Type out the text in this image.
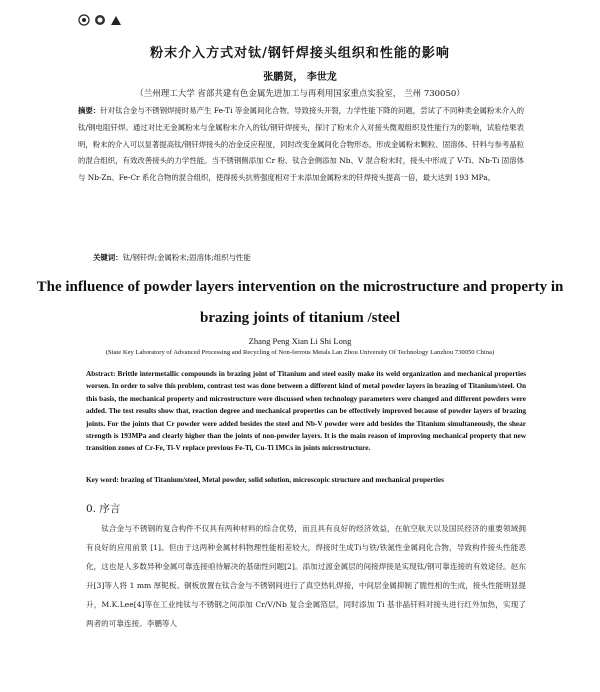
粉末介入方式对钛/钢钎焊接头组织和性能的影响
张鹏贤， 李世龙
（兰州理工大学 省部共建有色金属先进加工与再利用国家重点实验室， 兰州 730050）
摘要：针对钛合金与不锈钢焊接时易产生 Fe-Ti 等金属间化合物，导致接头开裂，力学性能下降的问题，尝试了不同种类金属粉末介入的钛/钢电阻钎焊。通过对比无金属粉末与金属粉末介入的钛/钢钎焊接头，探讨了粉末介入对接头微观组织及性能行为的影响，试验结果表明，粉末的介入可以显著提高钛/钢钎焊接头的冶金反应程度，同时改变金属间化合物形态，形成金属粉末颗粒、固溶体、钎料与参考晶粒的混合组织，有效改善接头的力学性能。当不锈钢侧添加 Cr 粉、钛合金侧添加 Nb、V 混合粉末时，接头中形成了 V-Ti、Nb-Ti 固溶体与 Nb-Zn、Fe-Cr 系化合物的混合组织，使得接头抗剪强度相对于未添加金属粉末的钎焊接头提高一倍，最大达到 193 MPa。
关键词：钛/钢钎焊;金属粉末;固溶体;组织与性能
The influence of powder layers intervention on the microstructure and property in
brazing joints of titanium /steel
Zhang Peng Xian Li Shi Long
(State Key Laboratory of Advanced Processing and Recycling of Non-ferrous Metals Lan Zhou University Of Technology Lanzhou 730050 China)
Abstract: Brittle intermetallic compounds in brazing joint of Titanium and steel easily make its weld organization and mechanical properties worsen. In order to solve this problem, contrast test was done between a different kind of metal powder layers in brazing of Titanium/steel. On this basis, the mechanical property and microstructure were discussed when technology parameters were changed and different powders were added. The test results show that, reaction degree and mechanical properties can be effectively improved because of powder layers of brazing joints. For the joints that Cr powder were added besides the steel and Nb-V powder were add besides the Titanium simultaneously, the shear strength is 193MPa and clearly higher than the joints of non-powder layers. It is the main reason of improving mechanical property that new transition zones of Cr-Fe, Ti-V replace previous Fe-Ti, Cu-Ti IMCs in joints microstructure.
Key word: brazing of Titanium/steel, Metal powder, solid solution, microscopic structure and mechanical properties
0. 序言
钛合金与不锈钢的复合构件不仅具有两种材料的综合优势，而且具有良好的经济效益，在航空航天以及国民经济的重要领域拥有良好的应用前景 [1]。但由于这两种金属材料物理性能相差较大，焊接时生成Ti与铁/铁氮性金属间化合物，导致构件接头性能恶化，这也是人多数异种金属可靠连接亟待解决的基础性问题[2]。添加过渡金属层的间接焊接是实现钛/钢可靠连接的有效途径。赵东升[3]等人将 1 mm 厚铌板、铜板放置在钛合金与不锈钢间进行了真空热轧焊接，中间层金属抑制了脆性相的生成，接头性能明显提升，M.K.Lee[4]等在工业纯钛与不锈钢之间添加 Cr/V/Nb 复合金属箔层，同时添加 Ti 基非晶钎料对接头进行红外加热，实现了两者的可靠连接。李鹏等人
